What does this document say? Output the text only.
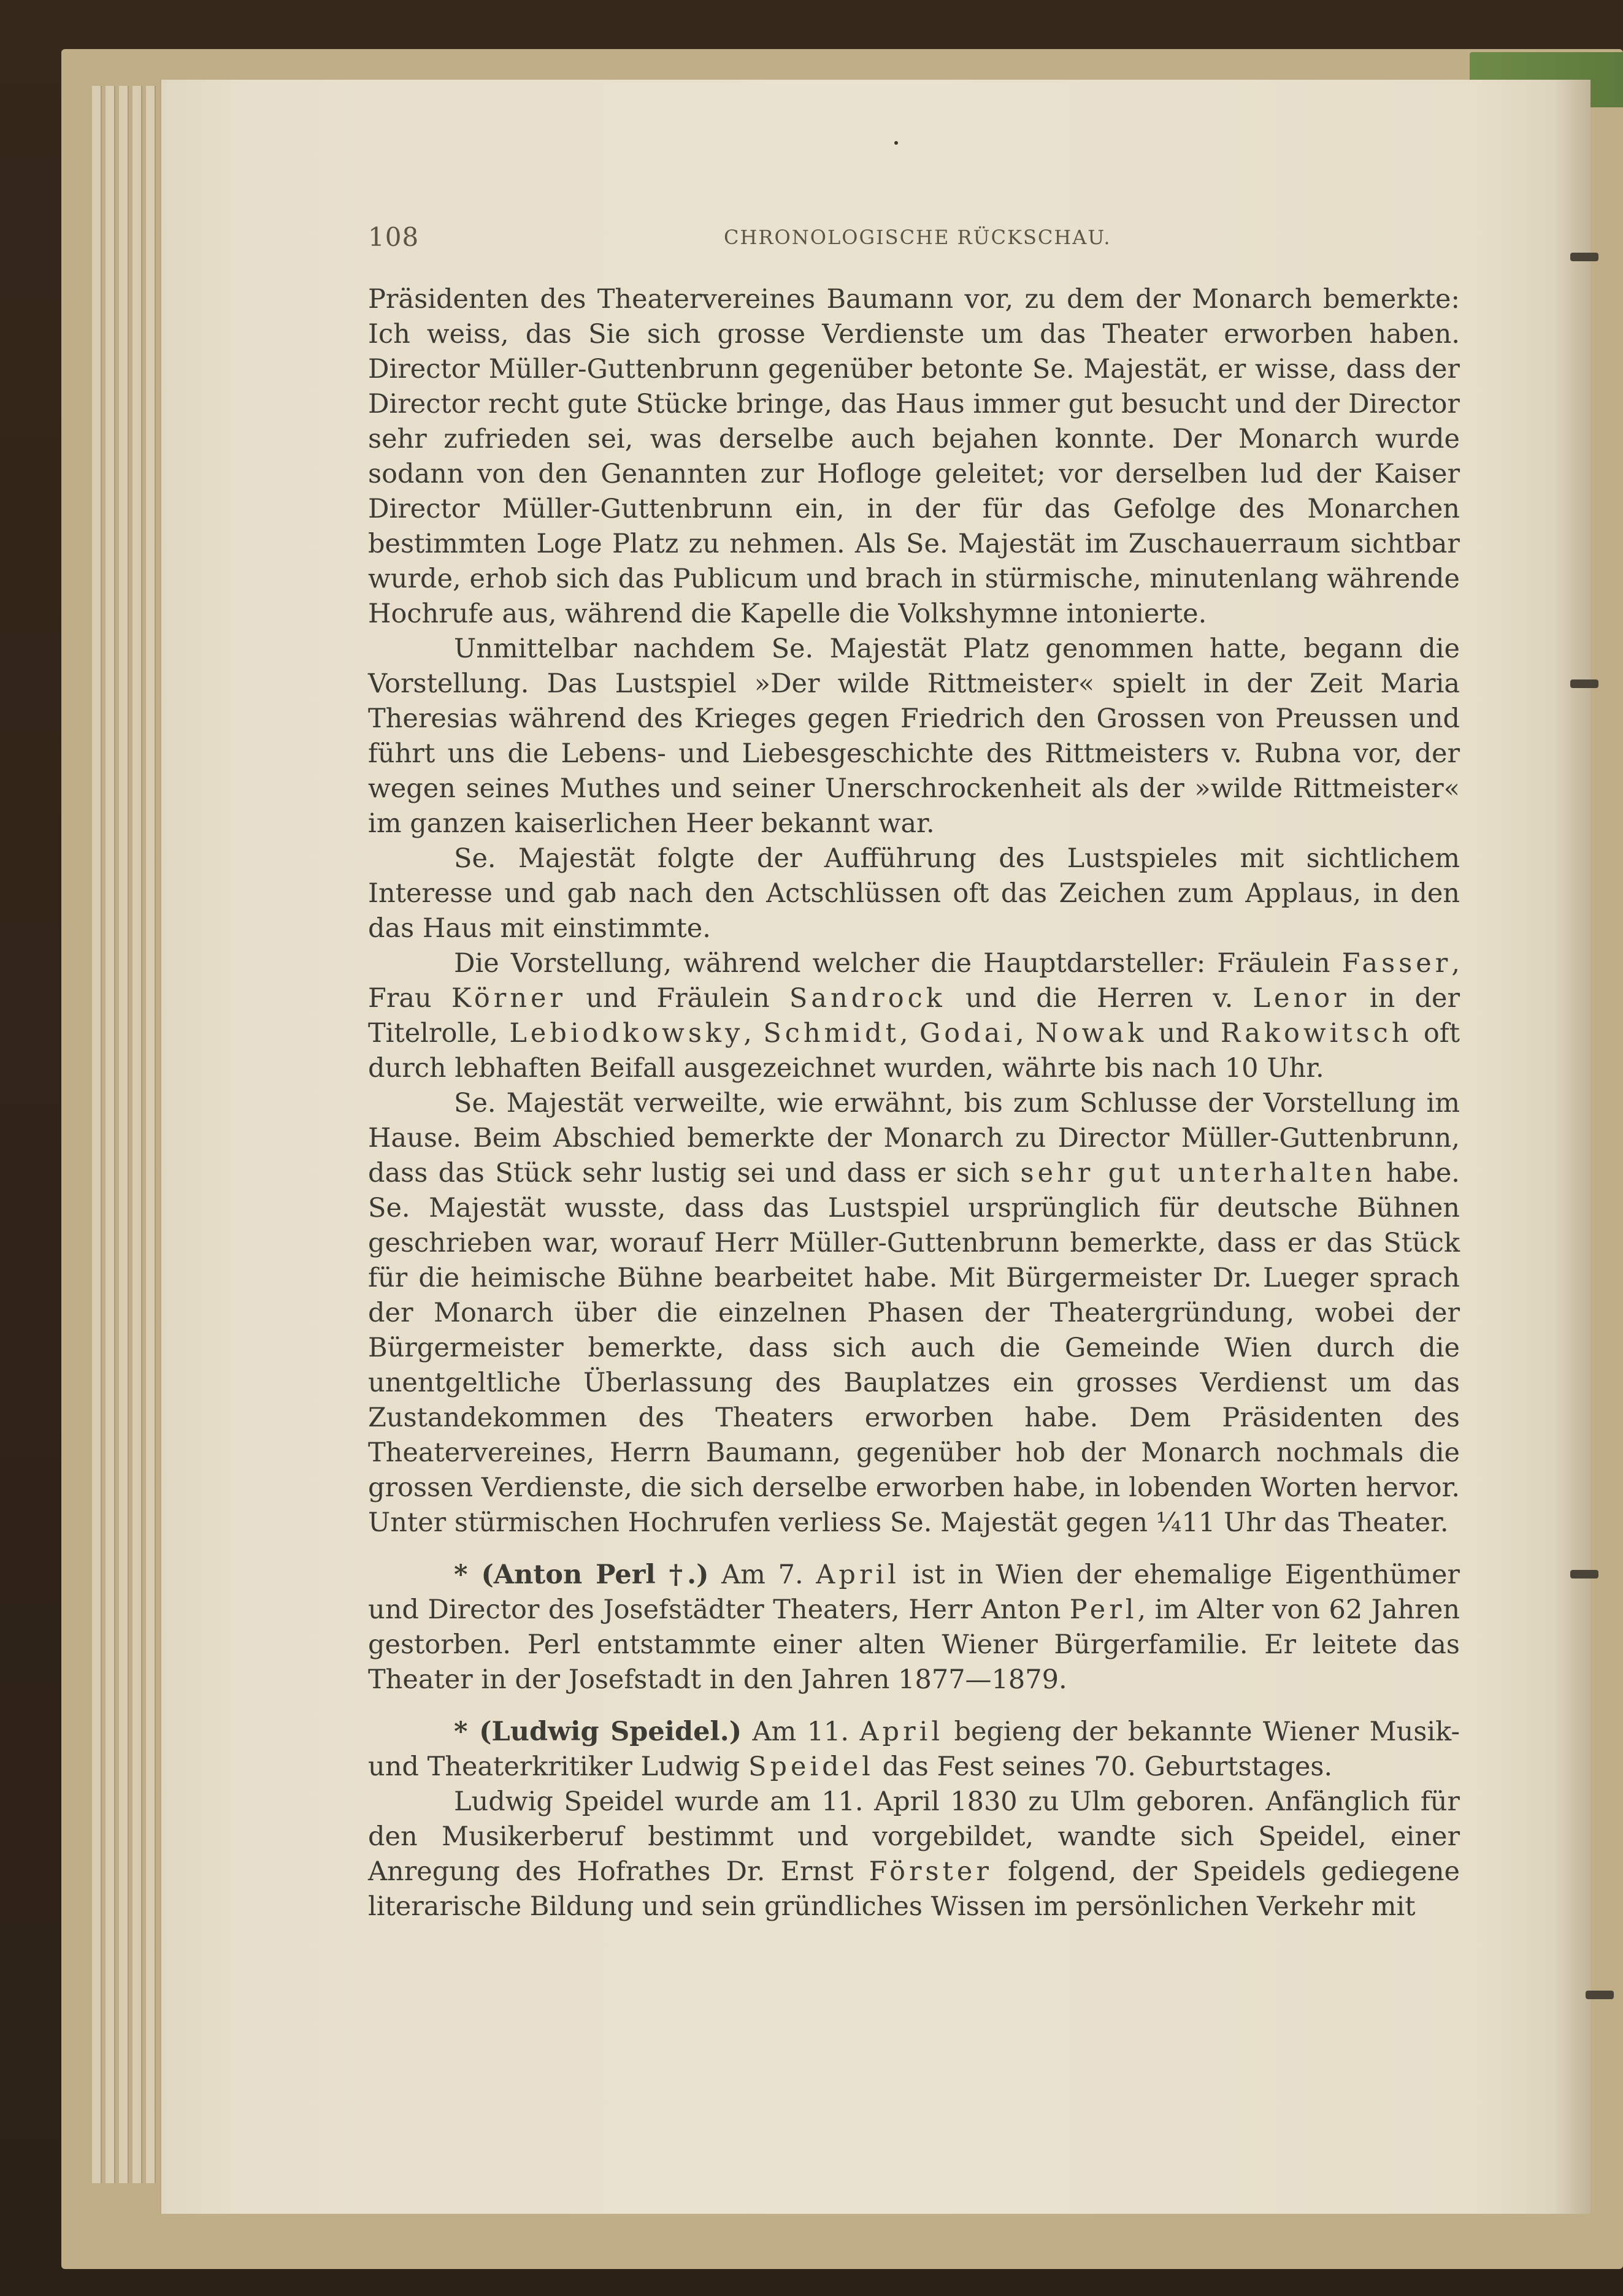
108	CHRONOLOGISCHE RÜCKSCHAU.

Präsidenten des Theatervereines Baumann vor, zu dem der Monarch bemerkte: Ich weiss, das Sie sich grosse Verdienste um das Theater erworben haben. Director Müller-Guttenbrunn gegenüber betonte Se. Majestät, er wisse, dass der Director recht gute Stücke bringe, das Haus immer gut besucht und der Director sehr zufrieden sei, was derselbe auch bejahen konnte. Der Monarch wurde sodann von den Genannten zur Hofloge geleitet; vor derselben lud der Kaiser Director Müller-Guttenbrunn ein, in der für das Gefolge des Monarchen bestimmten Loge Platz zu nehmen. Als Se. Majestät im Zuschauerraum sichtbar wurde, erhob sich das Publicum und brach in stürmische, minutenlang währende Hochrufe aus, während die Kapelle die Volkshymne intonierte.

Unmittelbar nachdem Se. Majestät Platz genommen hatte, begann die Vorstellung. Das Lustspiel »Der wilde Rittmeister« spielt in der Zeit Maria Theresias während des Krieges gegen Friedrich den Grossen von Preussen und führt uns die Lebens- und Liebesgeschichte des Rittmeisters v. Rubna vor, der wegen seines Muthes und seiner Unerschrockenheit als der »wilde Rittmeister« im ganzen kaiserlichen Heer bekannt war.

Se. Majestät folgte der Aufführung des Lustspieles mit sichtlichem Interesse und gab nach den Actschlüssen oft das Zeichen zum Applaus, in den das Haus mit einstimmte.

Die Vorstellung, während welcher die Hauptdarsteller: Fräulein Fasser, Frau Körner und Fräulein Sandrock und die Herren v. Lenor in der Titelrolle, Lebiodkowsky, Schmidt, Godai, Nowak und Rakowitsch oft durch lebhaften Beifall ausgezeichnet wurden, währte bis nach 10 Uhr.

Se. Majestät verweilte, wie erwähnt, bis zum Schlusse der Vorstellung im Hause. Beim Abschied bemerkte der Monarch zu Director Müller-Guttenbrunn, dass das Stück sehr lustig sei und dass er sich sehr gut unterhalten habe. Se. Majestät wusste, dass das Lustspiel ursprünglich für deutsche Bühnen geschrieben war, worauf Herr Müller-Guttenbrunn bemerkte, dass er das Stück für die heimische Bühne bearbeitet habe. Mit Bürgermeister Dr. Lueger sprach der Monarch über die einzelnen Phasen der Theatergründung, wobei der Bürgermeister bemerkte, dass sich auch die Gemeinde Wien durch die unentgeltliche Überlassung des Bauplatzes ein grosses Verdienst um das Zustandekommen des Theaters erworben habe. Dem Präsidenten des Theatervereines, Herrn Baumann, gegenüber hob der Monarch nochmals die grossen Verdienste, die sich derselbe erworben habe, in lobenden Worten hervor. Unter stürmischen Hochrufen verliess Se. Majestät gegen ¼11 Uhr das Theater.

* (Anton Perl †.) Am 7. April ist in Wien der ehemalige Eigenthümer und Director des Josefstädter Theaters, Herr Anton Perl, im Alter von 62 Jahren gestorben. Perl entstammte einer alten Wiener Bürgerfamilie. Er leitete das Theater in der Josefstadt in den Jahren 1877—1879.

* (Ludwig Speidel.) Am 11. April begieng der bekannte Wiener Musik- und Theaterkritiker Ludwig Speidel das Fest seines 70. Geburtstages.

Ludwig Speidel wurde am 11. April 1830 zu Ulm geboren. Anfänglich für den Musikerberuf bestimmt und vorgebildet, wandte sich Speidel, einer Anregung des Hofrathes Dr. Ernst Förster folgend, der Speidels gediegene literarische Bildung und sein gründliches Wissen im persönlichen Verkehr mit
